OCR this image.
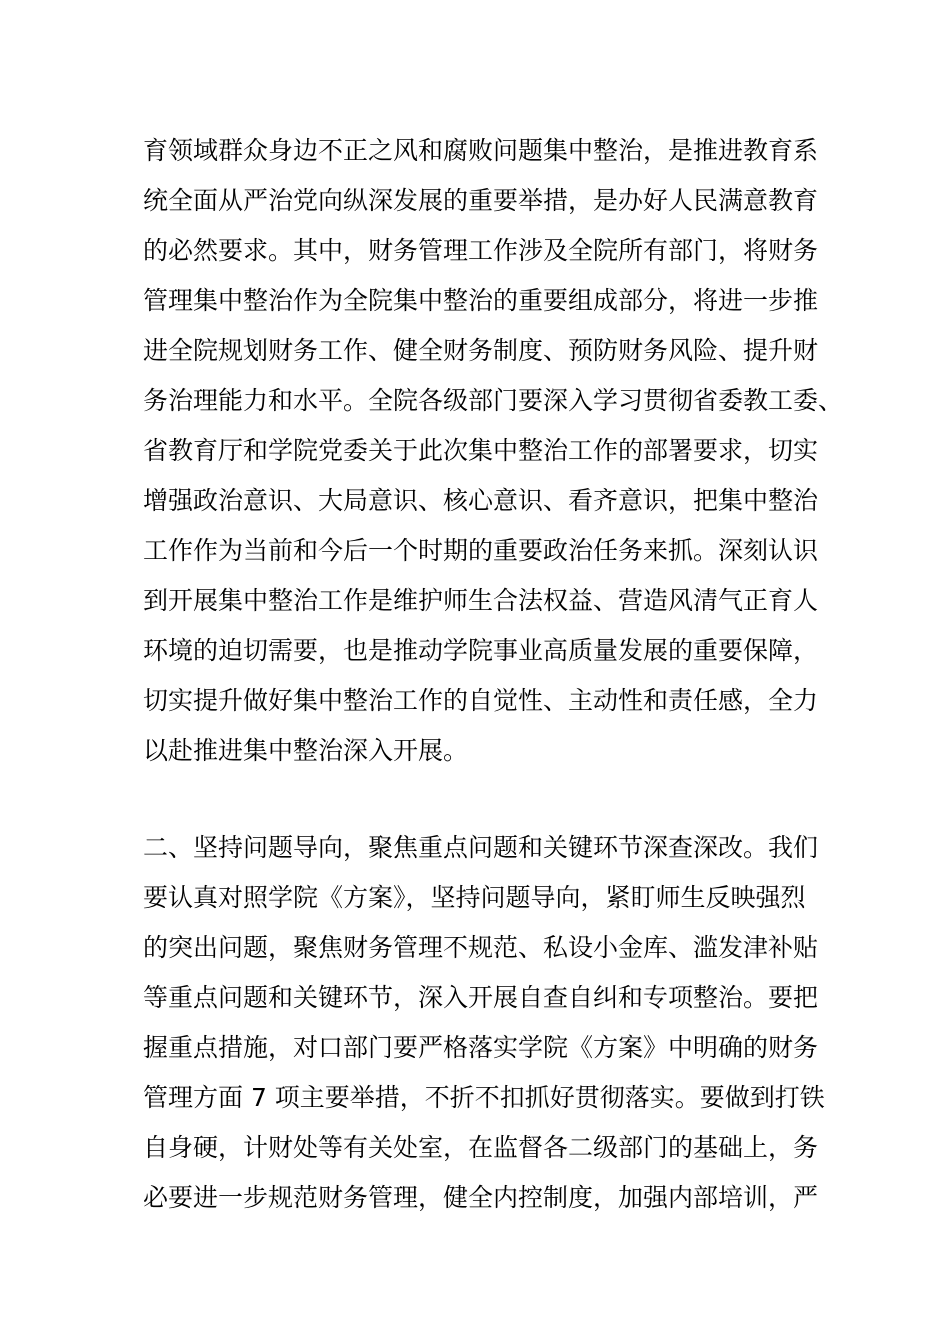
育领域群众身边不正之风和腐败问题集中整治，是推进教育系
统全面从严治党向纵深发展的重要举措，是办好人民满意教育
的必然要求。其中，财务管理工作涉及全院所有部门，将财务
管理集中整治作为全院集中整治的重要组成部分，将进一步推
进全院规划财务工作、健全财务制度、预防财务风险、提升财
务治理能力和水平。全院各级部门要深入学习贯彻省委教工委、
省教育厅和学院党委关于此次集中整治工作的部署要求，切实
增强政治意识、大局意识、核心意识、看齐意识，把集中整治
工作作为当前和今后一个时期的重要政治任务来抓。深刻认识
到开展集中整治工作是维护师生合法权益、营造风清气正育人
环境的迫切需要，也是推动学院事业高质量发展的重要保障，
切实提升做好集中整治工作的自觉性、主动性和责任感，全力
以赴推进集中整治深入开展。
二、坚持问题导向，聚焦重点问题和关键环节深查深改。我们
要认真对照学院《方案》，坚持问题导向，紧盯师生反映强烈
的突出问题，聚焦财务管理不规范、私设小金库、滥发津补贴
等重点问题和关键环节，深入开展自查自纠和专项整治。要把
握重点措施，对口部门要严格落实学院《方案》中明确的财务
管理方面 7 项主要举措，不折不扣抓好贯彻落实。要做到打铁
自身硬，计财处等有关处室，在监督各二级部门的基础上，务
必要进一步规范财务管理，健全内控制度，加强内部培训，严
